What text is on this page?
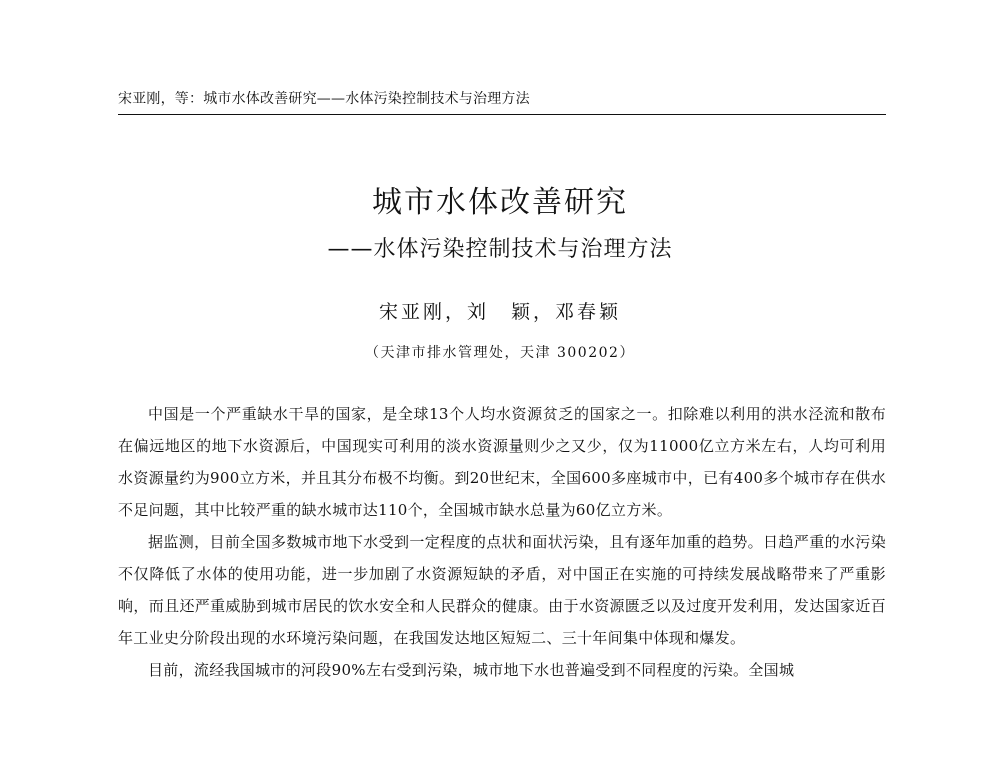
宋亚刚，等：城市水体改善研究——水体污染控制技术与治理方法
城市水体改善研究
——水体污染控制技术与治理方法
宋亚刚，刘　颖，邓春颖
（天津市排水管理处，天津 300202）

中国是一个严重缺水干旱的国家，是全球13个人均水资源贫乏的国家之一。扣除难以利用的洪水泾流和散布在偏远地区的地下水资源后，中国现实可利用的淡水资源量则少之又少，仅为11000亿立方米左右，人均可利用水资源量约为900立方米，并且其分布极不均衡。到20世纪末，全国600多座城市中，已有400多个城市存在供水不足问题，其中比较严重的缺水城市达110个，全国城市缺水总量为60亿立方米。

据监测，目前全国多数城市地下水受到一定程度的点状和面状污染，且有逐年加重的趋势。日趋严重的水污染不仅降低了水体的使用功能，进一步加剧了水资源短缺的矛盾，对中国正在实施的可持续发展战略带来了严重影响，而且还严重威胁到城市居民的饮水安全和人民群众的健康。由于水资源匮乏以及过度开发利用，发达国家近百年工业史分阶段出现的水环境污染问题，在我国发达地区短短二、三十年间集中体现和爆发。

目前，流经我国城市的河段90%左右受到污染，城市地下水也普遍受到不同程度的污染。全国城
